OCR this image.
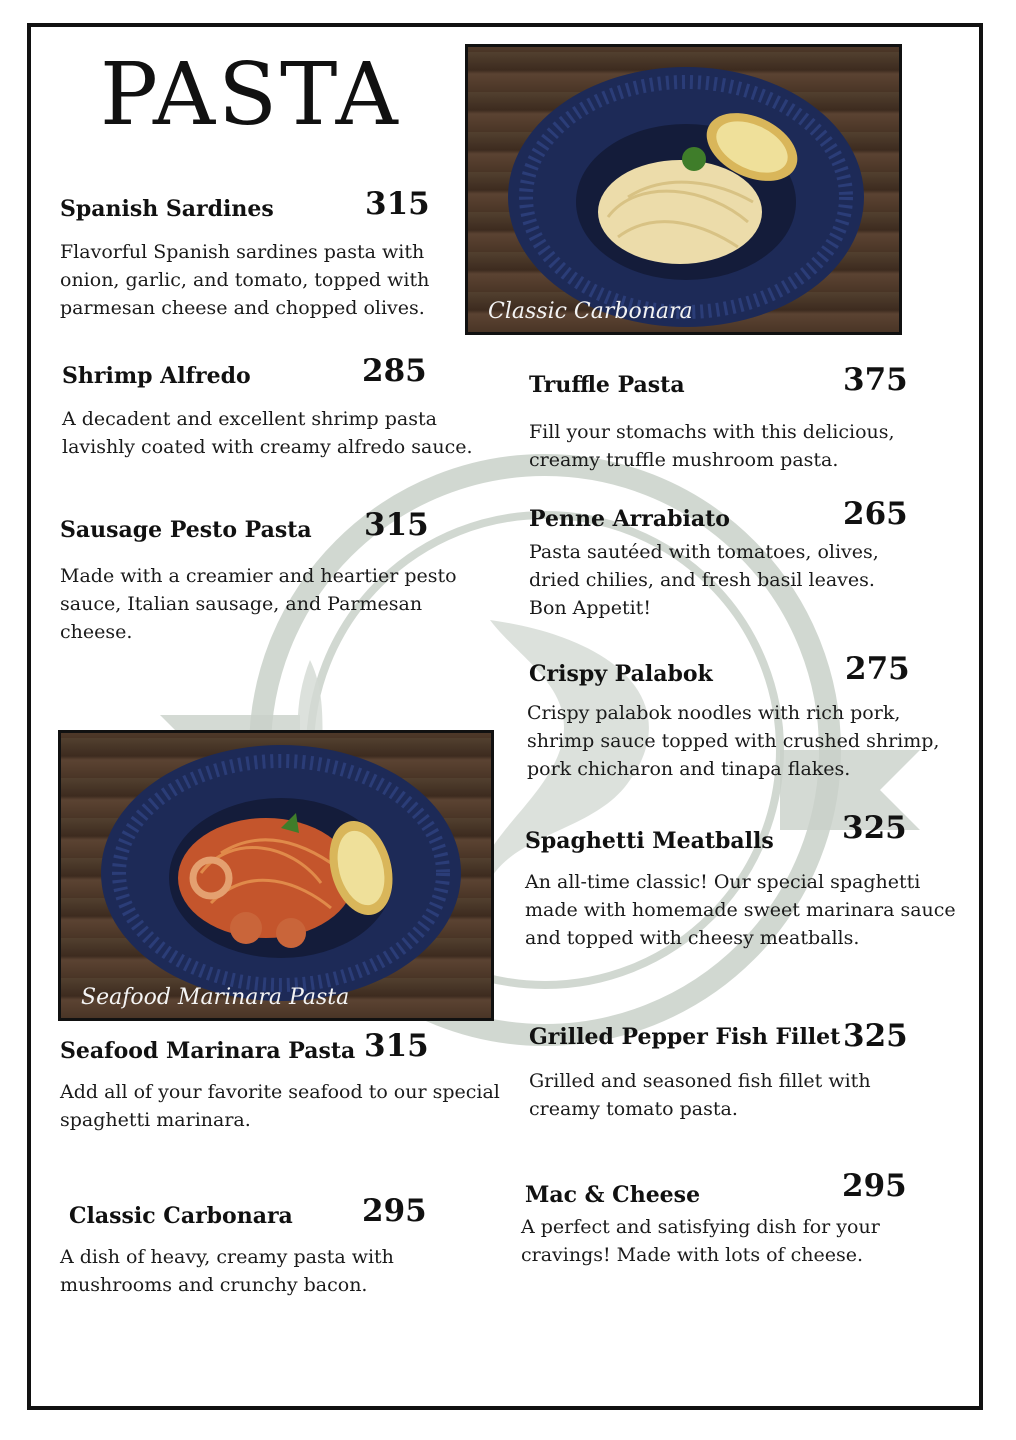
PASTA
Classic Carbonara
Seafood Marinara Pasta
Spanish Sardines	315
Flavorful Spanish sardines pasta with
onion, garlic, and tomato, topped with
parmesan cheese and chopped olives.
Shrimp Alfredo	285
A decadent and excellent shrimp pasta
lavishly coated with creamy alfredo sauce.
Sausage Pesto Pasta 315
Made with a creamier and heartier pesto
sauce, Italian sausage, and Parmesan
cheese.
Seafood Marinara Pasta 315
Add all of your favorite seafood to our special
spaghetti marinara.
Classic Carbonara 295
A dish of heavy, creamy pasta with
mushrooms and crunchy bacon.
Truffle Pasta	375
Fill your stomachs with this delicious,
creamy truffle mushroom pasta.
Penne Arrabiato	265
Pasta sautéed with tomatoes, olives,
dried chilies, and fresh basil leaves.
Bon Appetit!
Crispy Palabok	275
Crispy palabok noodles with rich pork,
shrimp sauce topped with crushed shrimp,
pork chicharon and tinapa flakes.
Spaghetti Meatballs 325
An all-time classic! Our special spaghetti
made with homemade sweet marinara sauce
and topped with cheesy meatballs.
Grilled Pepper Fish Fillet 325
Grilled and seasoned fish fillet with
creamy tomato pasta.
Mac & Cheese	295
A perfect and satisfying dish for your
cravings! Made with lots of cheese.
